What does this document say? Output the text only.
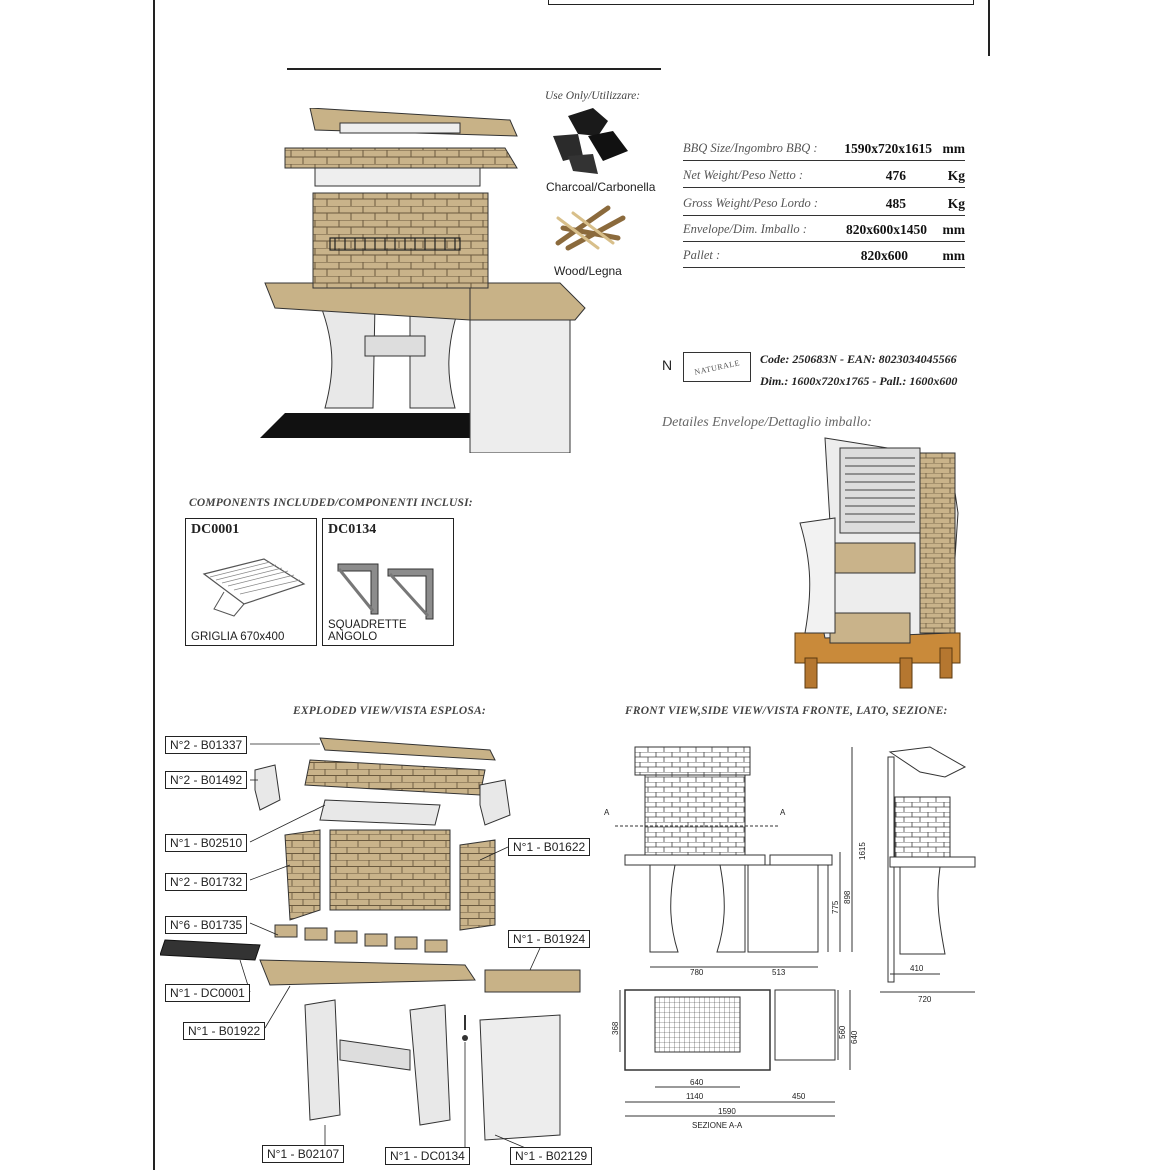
Use Only/Utilizzare:
Charcoal/Carbonella
Wood/Legna
BBQ Size/Ingombro BBQ : 1590x720x1615 mm
Net Weight/Peso Netto :	476	Kg
Gross Weight/Peso Lordo :	485	Kg
Envelope/Dim. Imballo :	820x600x1450 mm
Pallet :	820x600	mm
N	NATURALE Code: 250683N - EAN: 8023034045566
Dim.: 1600x720x1765 - Pall.: 1600x600
Detailes Envelope/Dettaglio imballo:
COMPONENTS INCLUDED/COMPONENTI INCLUSI:
DC0001
GRIGLIA 670x400
DC0134
SQUADRETTE ANGOLO
EXPLODED VIEW/VISTA ESPLOSA:
N°2 - B01337
N°2 - B01492
N°1 - B02510
N°2 - B01732
N°6 - B01735
N°1 - DC0001
N°1 - B01922
N°1 - B01622
N°1 - B01924
N°1 - B02107	N°1 - DC0134	N°1 - B02129
FRONT VIEW,SIDE VIEW/VISTA FRONTE, LATO, SEZIONE:
A	A
780	513
1615
898
775
410
720
368	560 640
640
1140	450
1590
SEZIONE A-A
